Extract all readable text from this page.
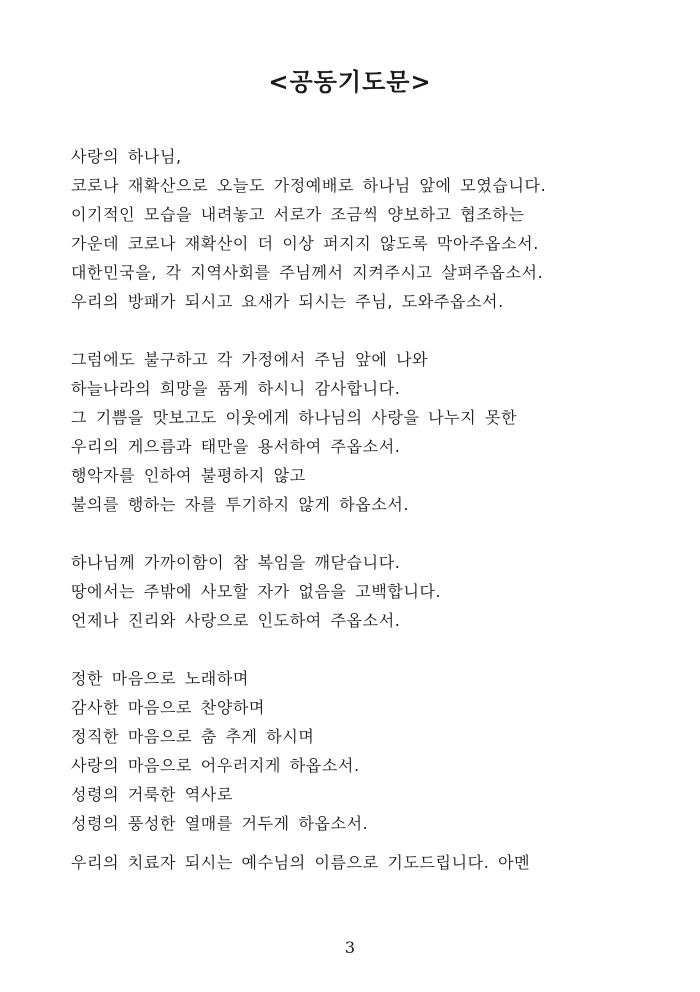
<공동기도문>
사랑의 하나님,
코로나 재확산으로 오늘도 가정예배로 하나님 앞에 모였습니다.
이기적인 모습을 내려놓고 서로가 조금씩 양보하고 협조하는
가운데 코로나 재확산이 더 이상 퍼지지 않도록 막아주옵소서.
대한민국을, 각 지역사회를 주님께서 지켜주시고 살펴주옵소서.
우리의 방패가 되시고 요새가 되시는 주님, 도와주옵소서.
그럼에도 불구하고 각 가정에서 주님 앞에 나와
하늘나라의 희망을 품게 하시니 감사합니다.
그 기쁨을 맛보고도 이웃에게 하나님의 사랑을 나누지 못한
우리의 게으름과 태만을 용서하여 주옵소서.
행악자를 인하여 불평하지 않고
불의를 행하는 자를 투기하지 않게 하옵소서.
하나님께 가까이함이 참 복임을 깨닫습니다.
땅에서는 주밖에 사모할 자가 없음을 고백합니다.
언제나 진리와 사랑으로 인도하여 주옵소서.
정한 마음으로 노래하며
감사한 마음으로 찬양하며
정직한 마음으로 춤 추게 하시며
사랑의 마음으로 어우러지게 하옵소서.
성령의 거룩한 역사로
성령의 풍성한 열매를 거두게 하옵소서.
우리의 치료자 되시는 예수님의 이름으로 기도드립니다. 아멘
3
